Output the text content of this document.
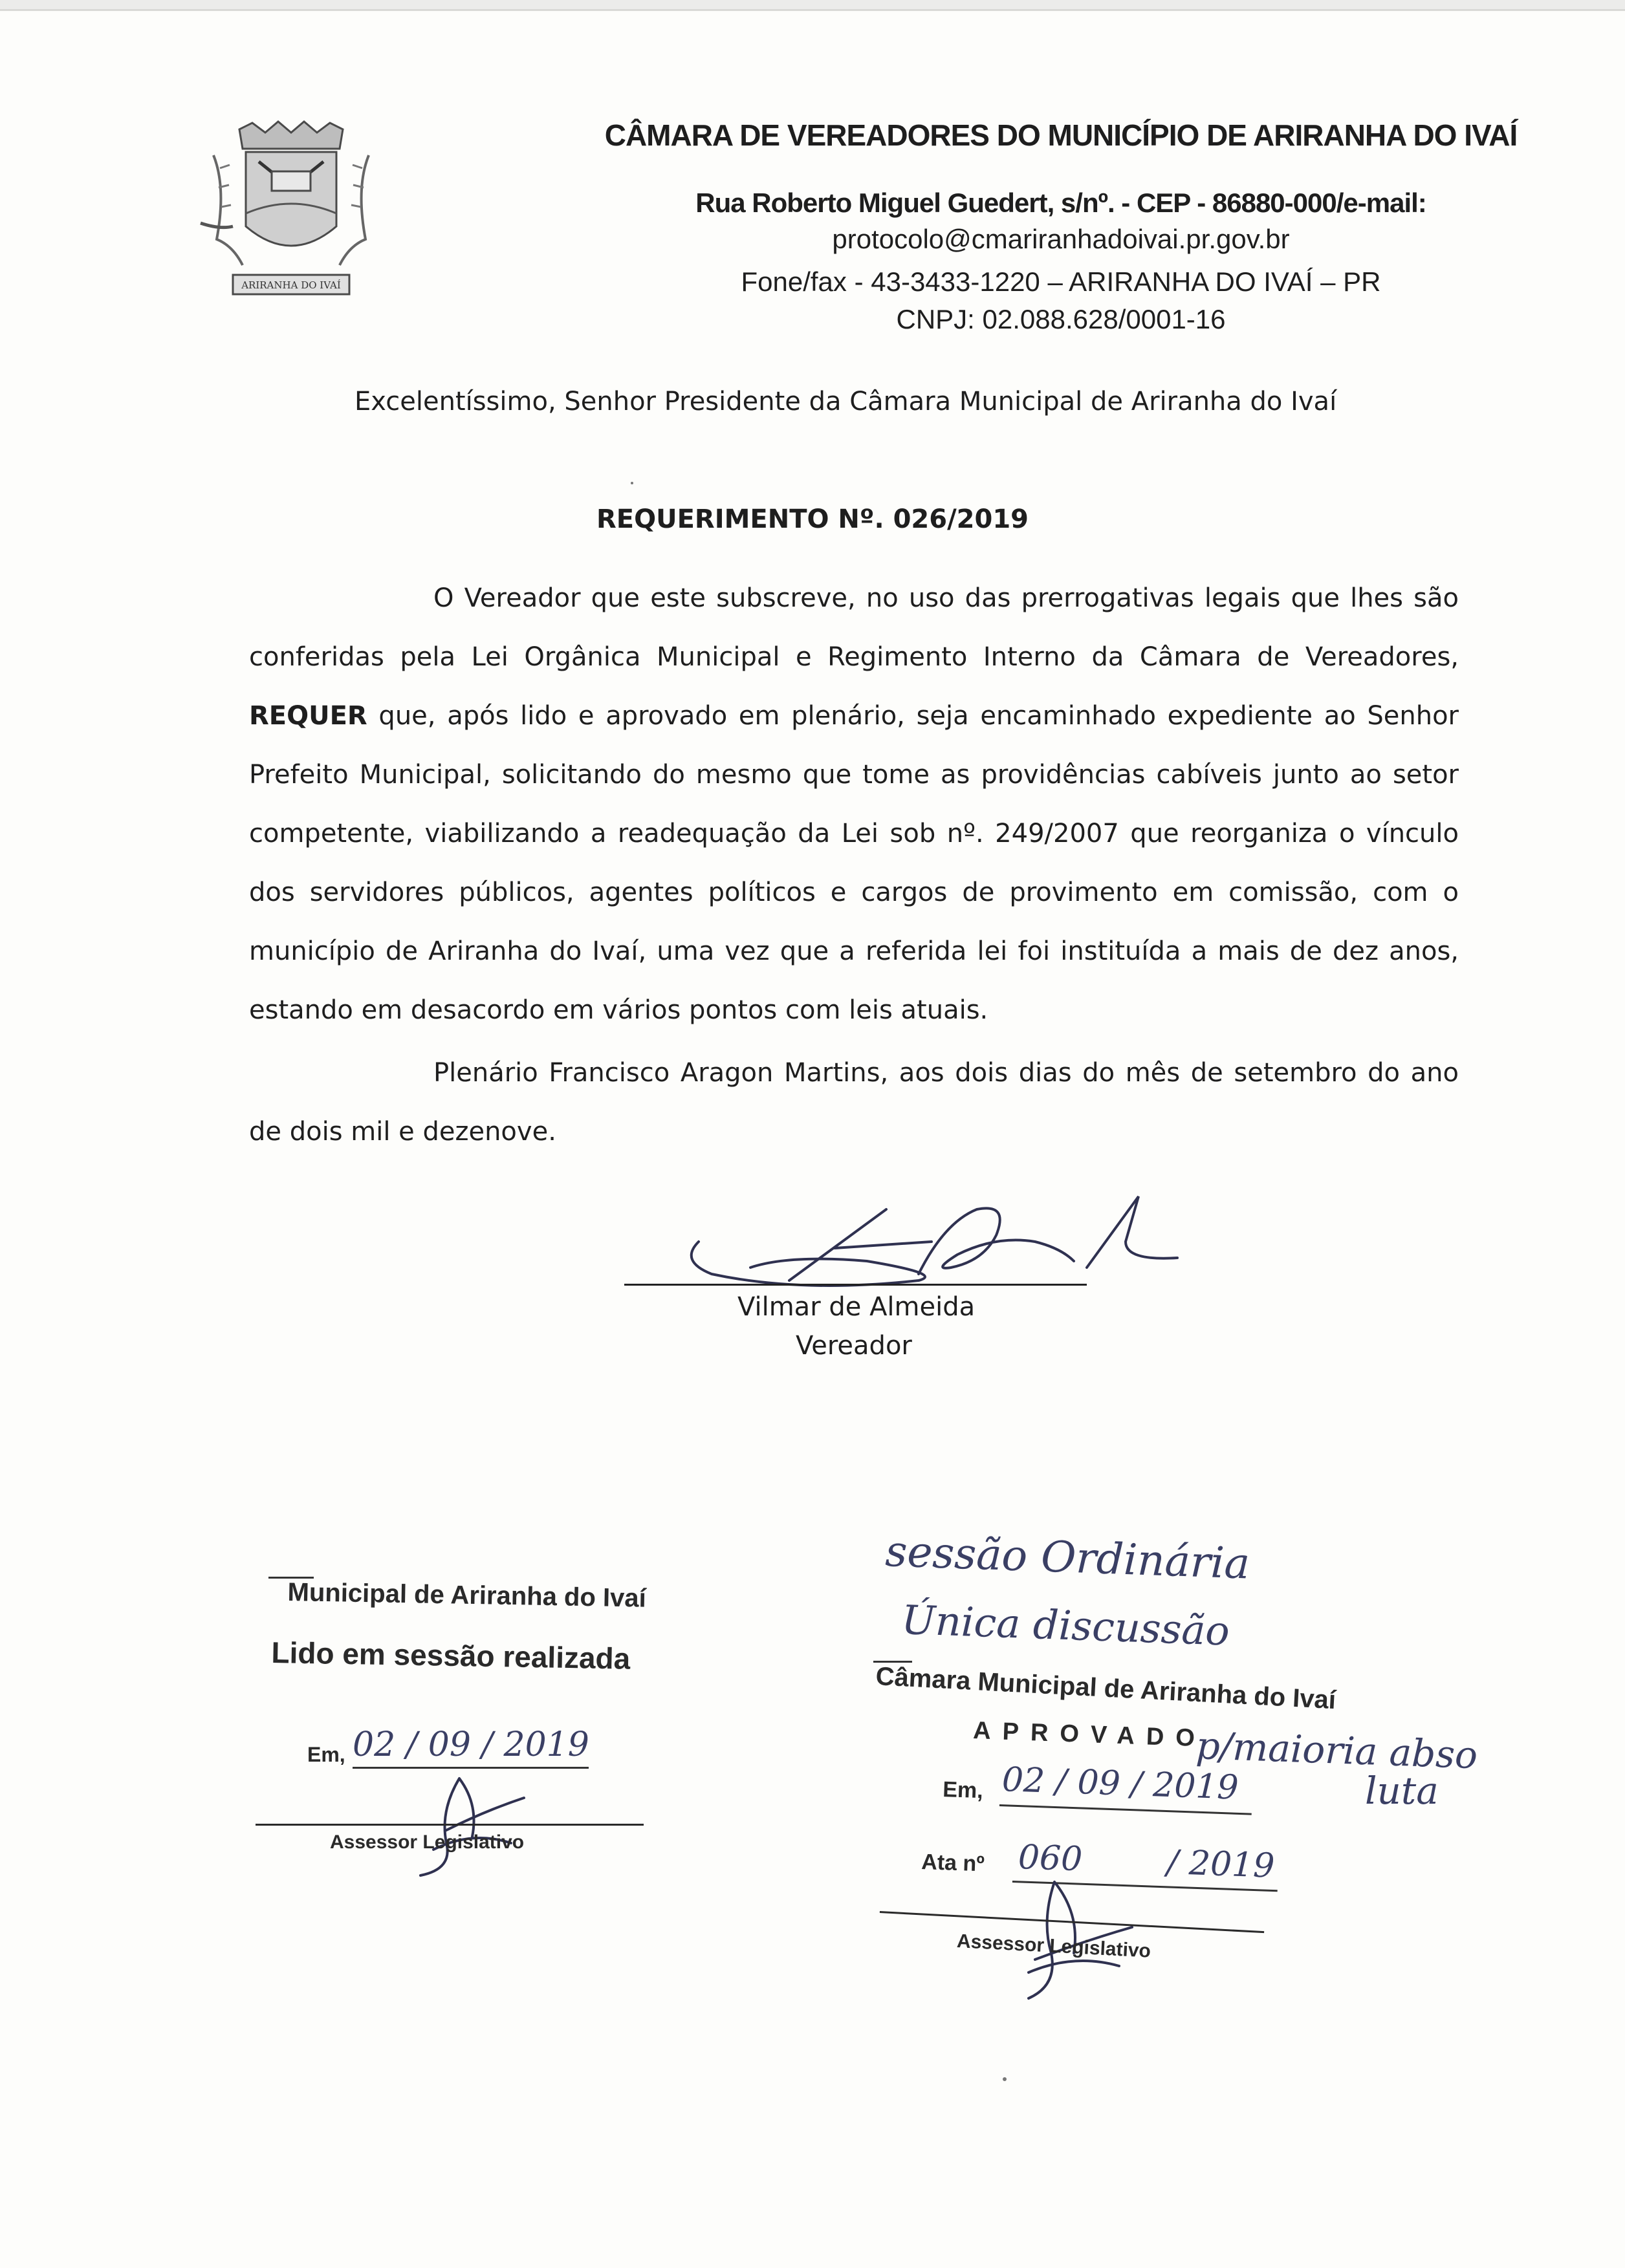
ARIRANHA DO IVAÍ
CÂMARA DE VEREADORES DO MUNICÍPIO DE ARIRANHA DO IVAÍ
Rua Roberto Miguel Guedert, s/nº. - CEP - 86880-000/e-mail:
protocolo@cmariranhadoivai.pr.gov.br
Fone/fax - 43-3433-1220 – ARIRANHA DO IVAÍ – PR
CNPJ: 02.088.628/0001-16
Excelentíssimo, Senhor Presidente da Câmara Municipal de Ariranha do Ivaí
REQUERIMENTO Nº. 026/2019

O Vereador que este subscreve, no uso das prerrogativas legais que lhes são conferidas pela Lei Orgânica Municipal e Regimento Interno da Câmara de Vereadores, REQUER que, após lido e aprovado em plenário, seja encaminhado expediente ao Senhor Prefeito Municipal, solicitando do mesmo que tome as providências cabíveis junto ao setor competente, viabilizando a readequação da Lei sob nº. 249/2007 que reorganiza o vínculo dos servidores públicos, agentes políticos e cargos de provimento em comissão, com o município de Ariranha do Ivaí, uma vez que a referida lei foi instituída a mais de dez anos, estando em desacordo em vários pontos com leis atuais.

Plenário Francisco Aragon Martins, aos dois dias do mês de setembro do ano de dois mil e dezenove.

Vilmar de Almeida
Vereador
Municipal de Ariranha do Ivaí
Lido em sessão realizada
Em, 02 / 09 / 2019
Assessor Legislativo
sessão Ordinária
Única discussão
Câmara Municipal de Ariranha do Ivaí
APROVADO
p/maioria abso
luta
Em, 02 / 09 / 2019
Ata nº 060 / 2019
Assessor Legislativo
